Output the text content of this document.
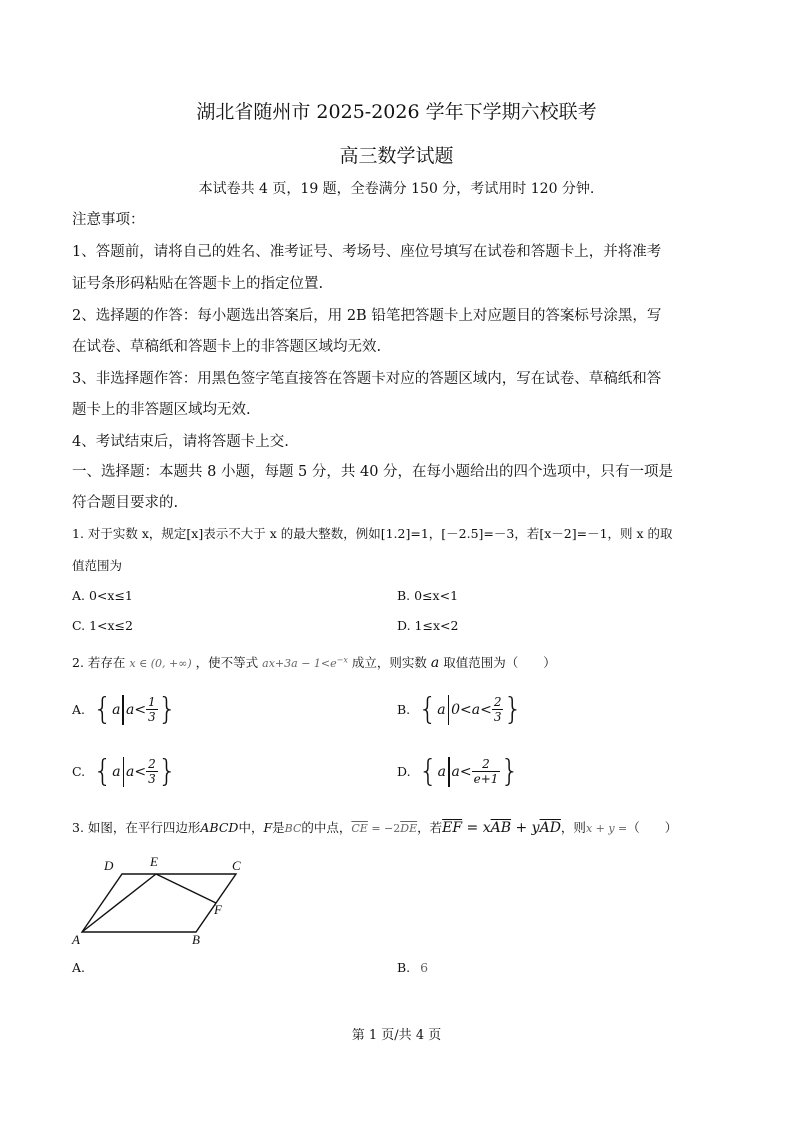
湖北省随州市 2025-2026 学年下学期六校联考
高三数学试题
本试卷共 4 页，19 题，全卷满分 150 分，考试用时 120 分钟.
注意事项：
1、答题前，请将自己的姓名、准考证号、考场号、座位号填写在试卷和答题卡上，并将准考
证号条形码粘贴在答题卡上的指定位置.
2、选择题的作答：每小题选出答案后，用 2B 铅笔把答题卡上对应题目的答案标号涂黑，写
在试卷、草稿纸和答题卡上的非答题区域均无效.
3、非选择题作答：用黑色签字笔直接答在答题卡对应的答题区域内，写在试卷、草稿纸和答
题卡上的非答题区域均无效.
4、考试结束后，请将答题卡上交.
一、选择题：本题共 8 小题，每题 5 分，共 40 分，在每小题给出的四个选项中，只有一项是
符合题目要求的.
1. 对于实数 x，规定[x]表示不大于 x 的最大整数，例如[1.2]=1，[－2.5]=－3，若[x－2]=－1，则 x 的取
值范围为
A. 0<x≤1	B. 0≤x<1
C. 1<x≤2	D. 1≤x<2
2. 若存在 x ∈ (0, +∞) ，使不等式 $ax+3a - 1<e^{-x}$ 成立，则实数 a 取值范围为（　　）
A. { a $a< \frac{1}{3}$ }	B. { a $0<a< \frac{2}{3}$ }
C. { a $a< \frac{2}{3}$ }	D. { a $a< \frac{2}{e+1}$ }
3. 如图，在平行四边形ABCD中，F是BC的中点，$\overline{CE} = -2\overline{DE}$，若$\overline{EF} = x\overline{AB} + y\overline{AD}$，则x + y =（　　）
A	B
C
D	E
F
A.	B. 6
第 1 页/共 4 页
